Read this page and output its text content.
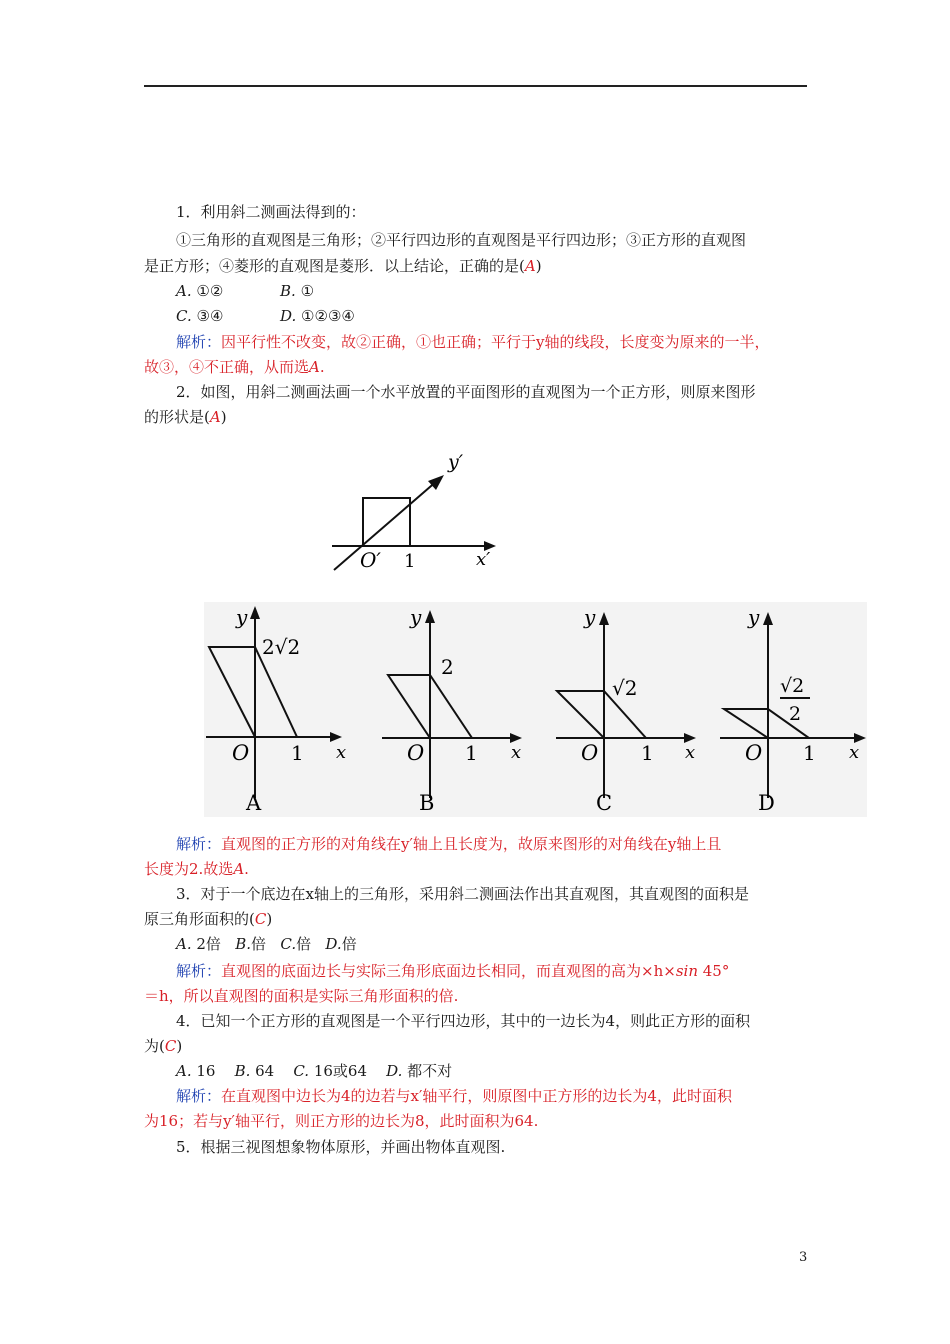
1．利用斜二测画法得到的：
①三角形的直观图是三角形；②平行四边形的直观图是平行四边形；③正方形的直观图
是正方形；④菱形的直观图是菱形．以上结论，正确的是(A)
A. ①②	B. ①
C. ③④	D. ①②③④
解析：因平行性不改变，故②正确，①也正确；平行于y轴的线段，长度变为原来的一半，
故③，④不正确，从而选A.
2．如图，用斜二测画法画一个水平放置的平面图形的直观图为一个正方形，则原来图形
的形状是(A)
y′
x′
O′ 1
y
x
O 1
2√2
A
y
x
O 1
2
B
y
x
O 1
√2
C
y
x
O 1
√2
2
D
解析：直观图的正方形的对角线在y′轴上且长度为，故原来图形的对角线在y轴上且
长度为2.故选A.
3．对于一个底边在x轴上的三角形，采用斜二测画法作出其直观图，其直观图的面积是
原三角形面积的(C)
A. 2倍 B.倍 C.倍 D.倍
解析：直观图的底面边长与实际三角形底面边长相同，而直观图的高为×h×sin 45°
＝h，所以直观图的面积是实际三角形面积的倍.
4．已知一个正方形的直观图是一个平行四边形，其中的一边长为4，则此正方形的面积
为(C)
A. 16 B. 64 C. 16或64 D. 都不对
解析：在直观图中边长为4的边若与x′轴平行，则原图中正方形的边长为4，此时面积
为16；若与y′轴平行，则正方形的边长为8，此时面积为64.
5．根据三视图想象物体原形，并画出物体直观图.
3
